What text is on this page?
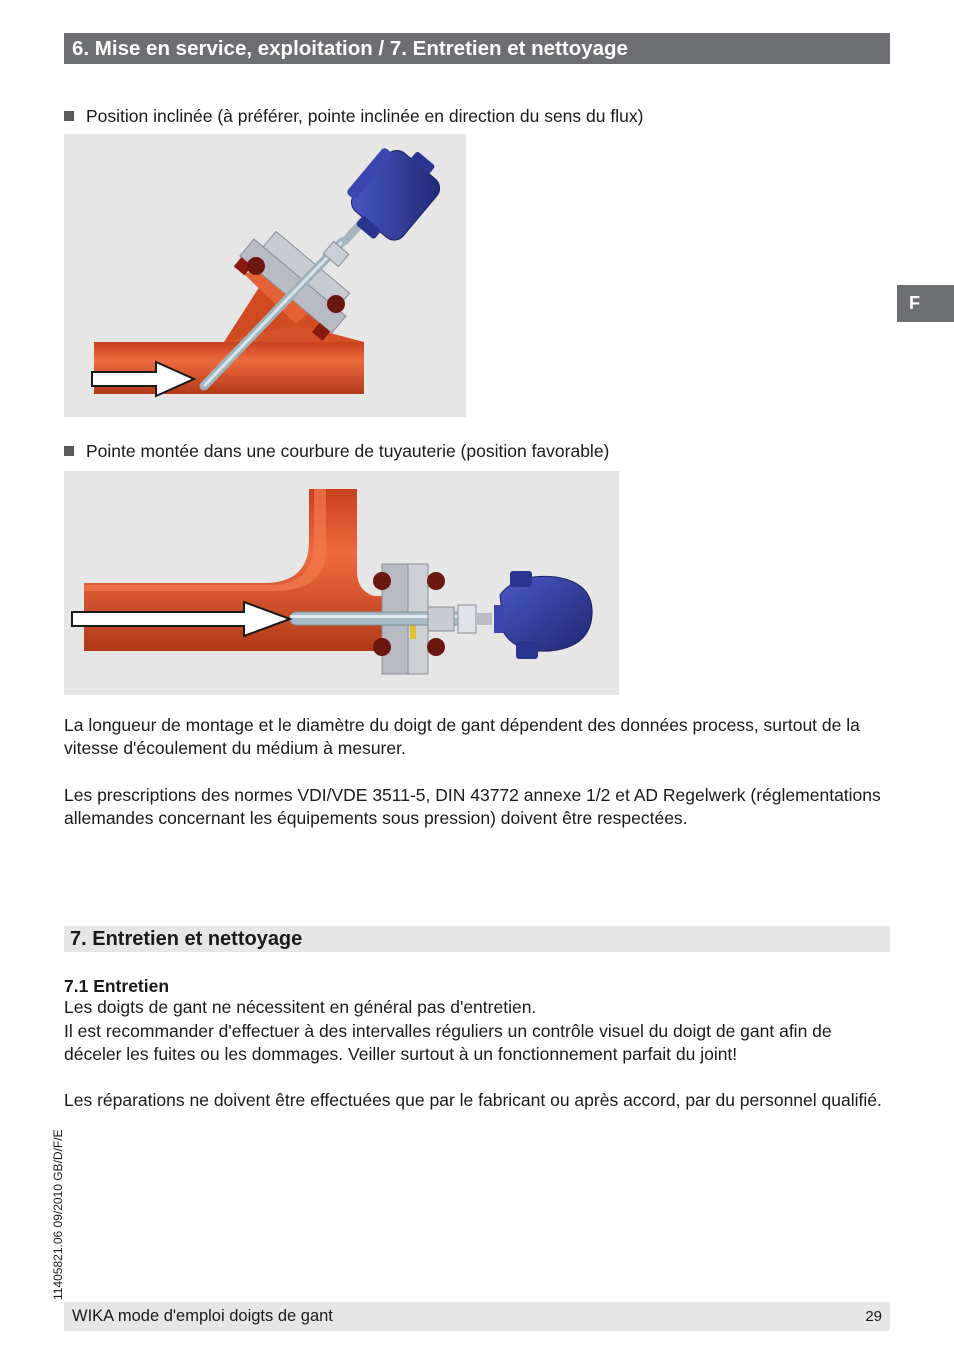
6. Mise en service, exploitation / 7. Entretien et nettoyage
F
Position inclinée (à préférer, pointe inclinée en direction du sens du flux)
Pointe montée dans une courbure de tuyauterie (position favorable)

La longueur de montage et le diamètre du doigt de gant dépendent des données process, surtout de la vitesse d'écoulement du médium à mesurer.

Les prescriptions des normes VDI/VDE 3511-5, DIN 43772 annexe 1/2 et AD Regelwerk (réglementations allemandes concernant les équipements sous pression) doivent être respectées.

7. Entretien et nettoyage
7.1 Entretien

Les doigts de gant ne nécessitent en général pas d'entretien.

Il est recommander d'effectuer à des intervalles réguliers un contrôle visuel du doigt de gant afin de déceler les fuites ou les dommages. Veiller surtout à un fonctionnement parfait du joint!

Les réparations ne doivent être effectuées que par le fabricant ou après accord, par du personnel qualifié.

11405821.06 09/2010 GB/D/F/E
WIKA mode d'emploi doigts de gant	29
